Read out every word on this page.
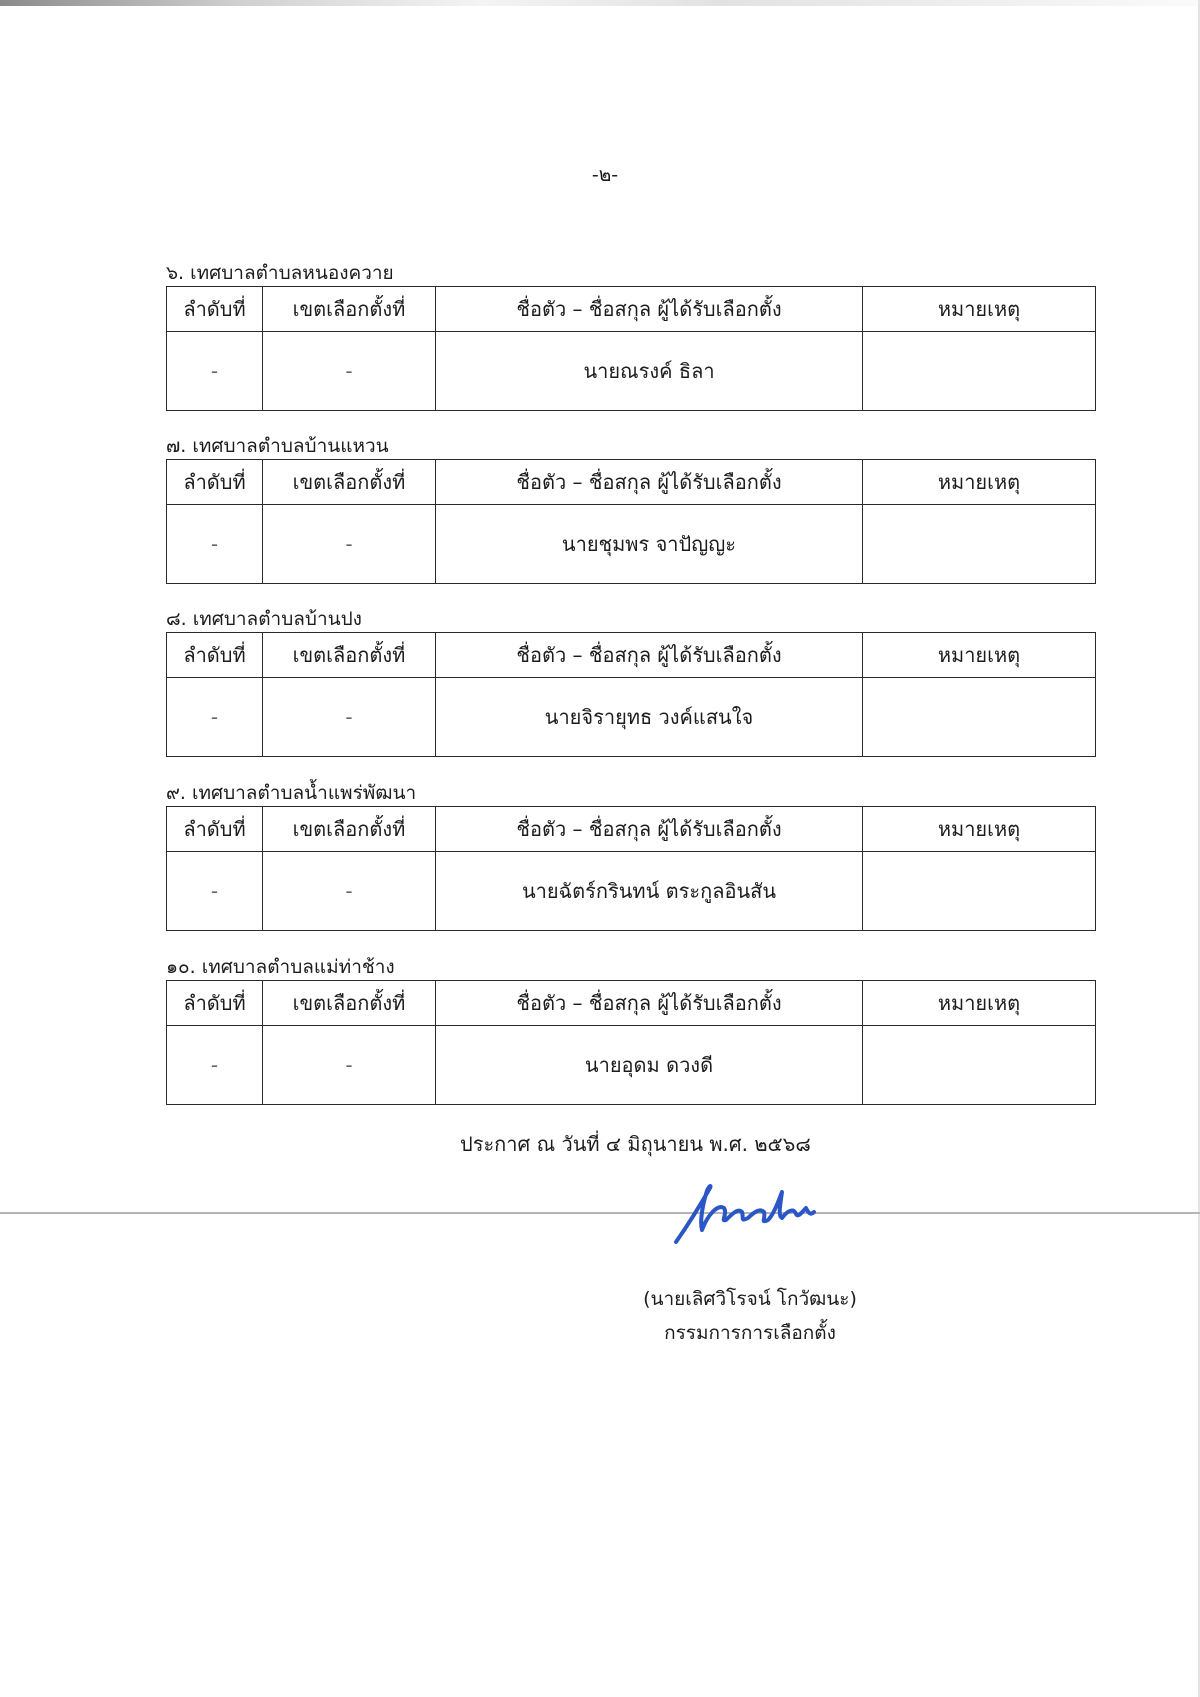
-๒-
๖. เทศบาลตำบลหนองควาย
ลำดับที่	เขตเลือกตั้งที่	ชื่อตัว – ชื่อสกุล ผู้ได้รับเลือกตั้ง	หมายเหตุ
-	-	นายณรงค์ ธิลา	
๗. เทศบาลตำบลบ้านแหวน
ลำดับที่	เขตเลือกตั้งที่	ชื่อตัว – ชื่อสกุล ผู้ได้รับเลือกตั้ง	หมายเหตุ
-	-	นายชุมพร จาปัญญะ	
๘. เทศบาลตำบลบ้านปง
ลำดับที่	เขตเลือกตั้งที่	ชื่อตัว – ชื่อสกุล ผู้ได้รับเลือกตั้ง	หมายเหตุ
-	-	นายจิรายุทธ วงค์แสนใจ	
๙. เทศบาลตำบลน้ำแพร่พัฒนา
ลำดับที่	เขตเลือกตั้งที่	ชื่อตัว – ชื่อสกุล ผู้ได้รับเลือกตั้ง	หมายเหตุ
-	-	นายฉัตร์กรินทน์ ตระกูลอินสัน	
๑๐. เทศบาลตำบลแม่ท่าช้าง
ลำดับที่	เขตเลือกตั้งที่	ชื่อตัว – ชื่อสกุล ผู้ได้รับเลือกตั้ง	หมายเหตุ
-	-	นายอุดม ดวงดี	
ประกาศ ณ วันที่ ๔ มิถุนายน พ.ศ. ๒๕๖๘
(นายเลิศวิโรจน์ โกวัฒนะ)
กรรมการการเลือกตั้ง
